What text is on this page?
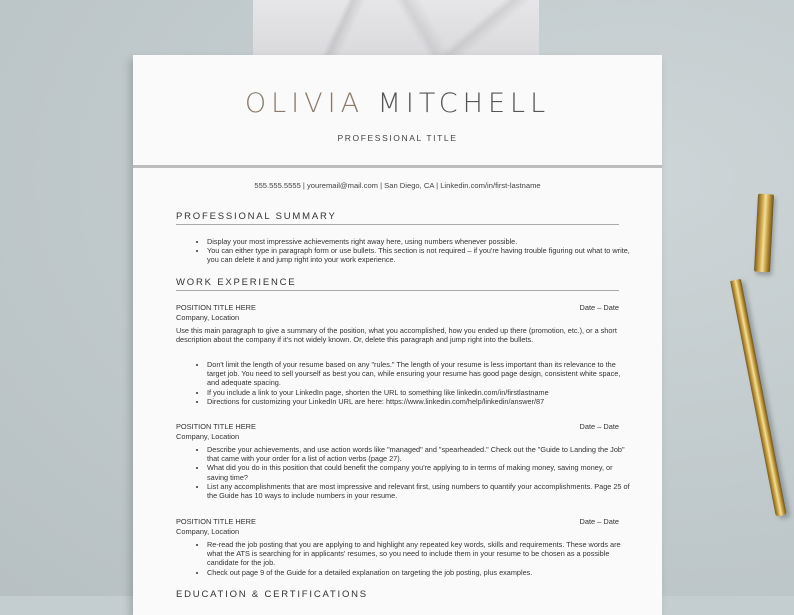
OLIVIA MITCHELL
PROFESSIONAL TITLE
555.555.5555 | youremail@mail.com | San Diego, CA | Linkedin.com/in/first-lastname
PROFESSIONAL SUMMARY
• Display your most impressive achievements right away here, using numbers whenever possible.
• You can either type in paragraph form or use bullets. This section is not required – if you're having trouble figuring out what to write, you can delete it and jump right into your work experience.
WORK EXPERIENCE
POSITION TITLE HERE	Date – Date
Company, Location
Use this main paragraph to give a summary of the position, what you accomplished, how you ended up there (promotion, etc.), or a short description about the company if it's not widely known. Or, delete this paragraph and jump right into the bullets.
• Don't limit the length of your resume based on any "rules." The length of your resume is less important than its relevance to the target job. You need to sell yourself as best you can, while ensuring your resume has good page design, consistent white space, and adequate spacing.
• If you include a link to your LinkedIn page, shorten the URL to something like linkedin.com/in/firstlastname
• Directions for customizing your LinkedIn URL are here: https://www.linkedin.com/help/linkedin/answer/87
POSITION TITLE HERE	Date – Date
Company, Location
• Describe your achievements, and use action words like "managed" and "spearheaded." Check out the "Guide to Landing the Job" that came with your order for a list of action verbs (page 27).
• What did you do in this position that could benefit the company you're applying to in terms of making money, saving money, or saving time?
• List any accomplishments that are most impressive and relevant first, using numbers to quantify your accomplishments. Page 25 of the Guide has 10 ways to include numbers in your resume.
POSITION TITLE HERE	Date – Date
Company, Location
• Re-read the job posting that you are applying to and highlight any repeated key words, skills and requirements. These words are what the ATS is searching for in applicants' resumes, so you need to include them in your resume to be chosen as a possible candidate for the job.
• Check out page 9 of the Guide for a detailed explanation on targeting the job posting, plus examples.
EDUCATION & CERTIFICATIONS
